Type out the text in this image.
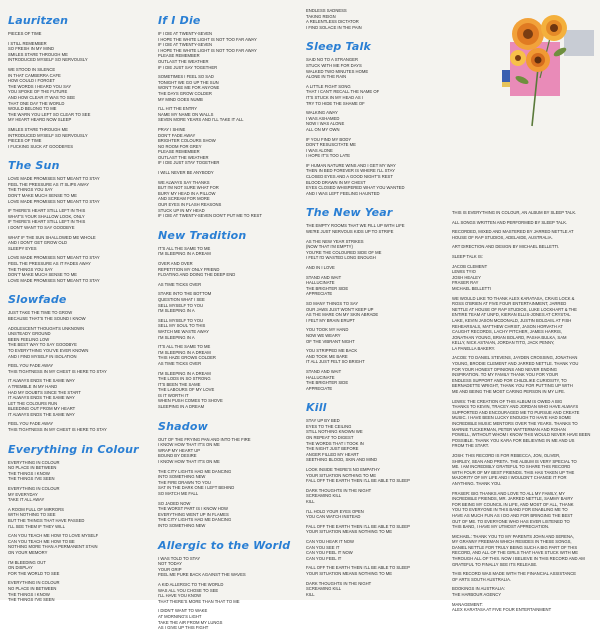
Lauritzen
PIECES OF TIME
I STILL REMEMBER
SO FRESH IN MY MIND
SMILES STARE THROUGH ME
INTRODUCED MYSELF SO NERVOUSLY
WE STOOD IN SILENCE
IN THAT CAMBERRA CAFE
HOW COULD I FORGET
THE WORDS I HEARD YOU SAY
YOU SPOKE OF THE FUTURE
AND HOW CLEAR IT WAS TO SEE
THAT ONE DAY THE WORLD
WOULD BELONG TO ME
THE WARN YOU LEFT SO CLEAR TO SEE
MY HEART HEARD NOW SLEEP
SMILES STARE THROUGH ME
INTRODUCED MYSELF SO NERVOUSLY
PIECES OF TIME
I FUCKING SUCK AT GOODBYES
The Sun
LOVE MADE PROMISES NOT MEANT TO STAY
FEEL THE PRESSURE AS IT SLIPS AWAY
THE THINGS YOU SAY
DON'T MAKE MUCH SENSE TO ME
LOVE MADE PROMISES NOT MEANT TO STAY
IF THERE'S HEART STILL LEFT IN THIS
WHAT'S YOUR SHALLOW LOOK, ONLY
IF THERE'S HEART STILL LEFT IN THIS
I DON'T WANT TO SAY GOODBYE
WHAT IF THE SUN SHALLOWED ME WHOLE
AND I DON'T GET GROW OLD
SLEEPY EYES
LOVE MADE PROMISES NOT MEANT TO STAY
FEEL THE PRESSURE AS IT FADES AWAY
THE THINGS YOU SAY
DON'T MAKE MUCH SENSE TO ME
LOVE MADE PROMISES NOT MEANT TO STAY
Slowfade
JUST TAKE THE TIME TO GROW
BECAUSE THAT'S THE SOUND I KNOW
ADOLESCENT THOUGHTS UNKNOWN
UNSTEADY GROUND
BEEN FEELING LOW
THE BEST WAY TO SAY GOODBYE
TO EVERYTHING YOU'VE EVER KNOWN
AND I FIND MYSELF IN ISOLATION
FEEL YOU FADE AWAY
THIS TIGHTNESS IN MY CHEST IS HERE TO STAY
IT ALWAYS ENDS THE SAME WAY
A TREMBLE IN MY HAND
HAD MY DOUBTS SINCE THE START
IT ALWAYS ENDS THE SAME WAY
LET THE COLOURS RUN
BLEEDING OUT FROM MY HEART
IT ALWAYS ENDS THE SAME WAY
FEEL YOU FADE AWAY
THIS TIGHTNESS IN MY CHEST IS HERE TO STAY
Everything in Colour
EVERYTHING IN COLOUR
NO PLACE IN BETWEEN
THE THINGS I KNOW
THE THINGS I'VE SEEN
EVERYTHING IN COLOUR
MY EVERYDAY
TAKE IT ALL AWAY
A ROOM FULL OF MIRRORS
WITH NOTHING TO SEE
BUT THE THINGS THAT HAVE PASSED
I'LL SEE THEM IF THEY WILL
CAN YOU TEACH ME HOW TO LOVE MYSELF
CAN YOU TEACH ME HOW TO BE
NOTHING MORE THAN A PERMANENT STAIN
ON YOUR MEMORY
I'M BLEEDING OUT
ON DISPLAY
FOR THE WORLD TO SEE
EVERYTHING IN COLOUR
NO PLACE IN BETWEEN
THE THINGS I KNOW
THE THINGS I'VE SEEN
If I Die
IF I DIE AT TWENTY-SEVEN
I HOPE THE WHITE LIGHT IS NOT TOO FAR AWAY
IF I DIE AT TWENTY-SEVEN
I HOPE THE WHITE LIGHT IS NOT TOO FAR AWAY
PLEASE REMEMBER
OUTLAST THE WEATHER
IF I DIE JUST SAY TOGETHER
SOMETIMES I FEEL SO SAD
TONIGHT WE GO UP THE SUN
WON'T TAKE ME FOR ANYONE
THE DAYS GROW COLDER
MY MIND GOES NUMB
I'LL HIT THE ENTRY
NAME MY NAME ON WALLS
SEVEN MORE YEARS AND I'LL TAKE IT ALL
PRAY I SHINE
DON'T FADE AWAY
BRIGHTER COLOURS SHOW
NO ROOM FOR GREY
PLEASE REMEMBER
OUTLAST THE WEATHER
IF I DIE JUST STAY TOGETHER
I WILL NEVER BE ANYBODY
WE ALWAYS SAY THANKS
BUT I'M NOT SURE WHAT FOR
BURY MY HEAD IN A PILLOW
AND SCREAM FOR MORE
OUR EYES IN FLASH REASONS
STUCK UP IN MY HEAD
IF I DIE AT TWENTY-SEVEN DON'T PUT ME TO REST
New Tradition
IT'S ALL THE SAME TO ME
I'M SLEEPING IN A DREAM
OVER AND OVER
REPETITION MY ONLY FRIEND
FLOATING AND DOING THE DEEP END
AS TIME TICKS OVER
STARE INTO THE BOTTOM
QUESTION WHAT I SEE
SELL MYSELF TO YOU
I'M SLEEPING IN A
SELL MYSELF TO YOU
SELL MY SOUL TO THIS
WATCH ME WASTE AWAY
I'M SLEEPING IN A
IT'S ALL THE SAME TO ME
I'M SLEEPING IN A DREAM
THIS HAZE GROWS COLDER
AS TIME TICKS OVER
I'M SLEEPING IN A DREAM
THE LODS IN SO STRONG
IT'S BEEN THE SAME
THE LABOURS OF MY LOVE
IS IT WORTH IT
WHEN PUSH COMES TO SHOVE
SLEEPING IN A DREAM
Shadow
OUT OF THE FRYING PAN AND INTO THE FIRE
I KNOW HOW THAT IT'S ON ME
WRAP MY HEART UP
BOUND BY DESIRE
I KNOW HOW THAT IT'S ON ME
THE CITY LIGHTS HAD ME DANCING
INTO SOMETHING NEW
THE FIRE DRAWN TO YOU
SAT IN THE DARK ONE I LEFT BEHIND
SO MATCH ME FALL
SO JADED NOW
THE WORST PART IS I KNOW HOW
EVERYTHING WENT UP IN FLAMES
THE CITY LIGHTS HAD ME DANCING
INTO SOMETHING NEW
Allergic to the World
I WAS TOLD TO STAY
NOT TODAY
YOUR GRIP
FEEL ME PURE BACK AGAINST THE WAVES
A KID ALLERGIC TO THE WORLD
WAS ALL YOU CHOSE TO SEE
I'LL HAVE YOU KNOW
THAT THERE'S MORE THAN THAT TO ME
I DIDN'T WANT TO WAKE
AT MORNING'S LIGHT
TAKE THE AIR FROM MY LUNGS
AS I GIVE UP THIS FIGHT
ENDLESS SADNESS
TAKING REIGN
A RELENTLESS DICTATOR
I FIND SOLACE IN THE PAIN
Sleep Talk
SAID NO TO A STRANGER
STUCK WITH ME FOR DAYS
WALKED TWO MINUTES HOME
ALONE IN THE RAIN
A LITTLE FIGHT SONG
THAT I CAN'T RECALL THE NAME OF
IT'S STUCK IN MY HEAD AS I
TRY TO HIDE THE SHAME OF
WALKING AWAY
I WAS ASHAMED
NOW I WAS ALONE
ALL ON MY OWN
IF YOU FIND MY BODY
DON'T RESUSCITATE ME
I WAS ALONE
I HOPE IT'S TOO LATE
IF HUMAN NATURE WINS AND I GET MY WAY
THEN IN BED FOREVER IS WHERE I'LL STAY
CLOSED EYES AND A GOOD NIGHT'S REST
BLOOD DRAWN IN MY CHEST
EYES CLOSED WHISPERED WHAT YOU WANTED
AND I WAS LEFT FEELING HAUNTED
The New Year
THE EMPTY ROOMS THAT WE FILL UP WITH LIFE
WE'RE JUST NERVOUS KIDS UP TO STRIFE
AS THE NEW YEAR STRIKES
(NOW THAT I'M EMPTY)
YOU'RE THE COLOURED SIDE OF ME
I FELT I'D WASTED LONG ENOUGH
AND IN I LOVE
STAND AND WAIT
HALLUCINATE
THE BRIGHTER SIDE
APPRECIATE
SO MANY THINGS TO SAY
OUR JAWS JUST WON'T KEEP UP
AS THE MARE ON MY SKIN ABRADE
I FELT MY BRAIN ERUPT
YOU TOOK MY HAND
NOW WE WEARY
OF THE VIBRANT NIGHT
YOU STRIPPED ME BACK
AND TOOK ME BARE
IT ALL JUST FELT SO BRIGHT
STAND AND WAIT
HALLUCINATE
THE BRIGHTER SIDE
APPRECIATE
Kill
STAY UP BY BED
EYES TO THE CEILING
STILL NOTHING KNOWN WE
ON REPEAT TO DIGEST
THE WORDS THAT I TOOK IN
THE NIGHT JUST BEFORE
ANGER FILLED MY HEART
SEETHING BLOOD, SKIN AND MIND
LOOK INSIDE THERE'S NO EMPATHY
YOUR SITUATION NOTHING TO ME
FALL OFF THE EARTH THEN I'LL BE ABLE TO SLEEP
DARK THOUGHTS IN THE NIGHT
SCREAMING KILL
KILL
I'LL HOLD YOUR EYES OPEN
YOU CAN WATCH INSTEAD
FALL OFF THE EARTH THEN I'LL BE ABLE TO SLEEP
YOUR SITUATION MEANS NOTHING TO ME
CAN YOU HEAR IT NOW
CAN YOU SEE IT
CAN YOU FEEL IT NOW
CAN YOU FEEL IT
FALL OFF THE EARTH THEN I'LL BE ABLE TO SLEEP
YOUR SITUATION MEANS NOTHING TO ME
DARK THOUGHTS IN THE NIGHT
SCREAMING KILL
KILL
THIS IS EVERYTHING IN COLOUR, AN ALBUM BY SLEEP TALK.
ALL SONGS WRITTEN AND PERFORMED BY SLEEP TALK.
RECORDED, MIXED AND MASTERED BY JARRED NETTLE AT
HOUSE OF RAP STUDIOS, ADELAIDE, AUSTRALIA.
ART DIRECTION AND DESIGN BY MICHAEL BELLETTI.
SLEEP TALK IS:
JACOB CLEMENT
LEWIS TYIO
JOSH HEALEY
FRASER RAY
MICHAEL BELLETTI
WE WOULD LIKE TO THANK ALEX KARATASA, CRAIG LOCK &
ROSS O'BRIEN AT FIVE FOUR ENTERTAINMENT, JARRED
NETTLE AT HOUSE OF RAP STUDIOS, LUKE LOCKHART & THE
ENTIRE TEAM AT UNFD, KIERAN ELLIS-JONES AT CRYSTAL
LAKE, KEVIN JASON MCDONALD, JUSTIN BOLDAIIL AT FISH
REHEARSALS, MATTHEW CHRIST, JASON HORVATH AT
CAUGHT RECORDS, LACHY PITCHER, JAMES HARRIS,
JONATHAN YOUNG, BRIAN BOLARD, PASHA BULKA, SAM
KELLY, NICK ASTAIAN, JORDAN TITO, JACK PENNY,
LA PANELLA BAKERY.
JACOB: TO DANIEL STEVENS, JAYDEN CROSSING, JONATHAN
YOUNG, BRODIE CLEMENT AND JARRED NETTLE. THANK YOU
FOR YOUR HONEST OPINIONS AND NEVER ENDING
INSPIRATION. TO MY FAMILY THANK YOU FOR YOUR
ENDLESS SUPPORT AND FOR CHILDLIKE CURIOSITY, TO
BERNADETTE WRIGHT, THANK YOU FOR PUTTING UP WITH
ME AND BEING THE MOST CARING PERSON IN MY LIFE.
LEWIS: THE CREATION OF THIS ALBUM IS OWED A BIG
THANKS TO KEVIN, TRACEY AND JORDAN WHO HAVE ALWAYS
SUPPORTED AND ENCOURAGED ME TO PURSUE AND CREATE
MUSIC. I HAVE BEEN LUCKY ENOUGH TO HAVE HAD SOME
INCREDIBLE MUSIC MENTORS OVER THE YEARS. THANKS TO
MARNIE TUCKERMAN, PETER WATTERMAN AND ROHAN
POWELL, WITHOUT WHOM I KNOW THIS WOULD NEVER HAVE BEEN
POSSIBLE. THANK YOU KARA FOR BELIEVING IN ME AND US
FROM THE START.
JOSH: THIS RECORD IS FOR REBECCA, JON, OLIVER,
SHIRLEY, SEAN AND PRETA. THE ALBUM IS VERY SPECIAL TO
ME. I AM INCREDIBLY GRATEFUL TO SHARE THIS RECORD
WITH FOUR OF MY BEST FRIENDS. THIS HAS TAKEN UP THE
MAJORITY OF MY LIFE AND I WOULDN'T CHANGE IT FOR
ANYTHING. THANK YOU.
FRASER: BIG THANKS AND LOVE TO ALL MY FAMILY, MY
INCREDIBLE FRIENDS, MR. JARRED NETTLE, SAMMY BAIRY
FOR BEING MY COUNCIL IN LIFE, AND MOST OF ALL, THANK
YOU TO EVERYONE IN THIS BAND FOR ENABLING ME TO
HAVE AS MUCH FUN AS I DO AND FOR BRINGING THE BEST
OUT OF ME. TO EVERYONE WHO HAS EVER LISTENED TO
THIS BAND, I HAVE MY UTMOST APPRECIATION.
MICHAEL: THANK YOU TO MY PARENTS JOHN AND SERENA,
MY GRANNY FREEMAN WHICH RESIDES IN THESE SONGS,
DANIEL NETTLE FOR TRULY BEING SUCH A BIG PART OF THIS
RECORD, AND ALL OF THE GIRLS THAT HAVE STUCK WITH ME
THROUGH ALL OF THIS. NOW I BELIEVE IN THIS RECORD AND AM
GRATEFUL TO FINALLY SEE ITS RELEASE.
THIS RECORD WAS MADE WITH THE FINANCIAL ASSISTANCE
OF ARTS SOUTH AUSTRALIA.
BOOKINGS IN AUSTRALIA:
THE HARBOUR AGENCY
MANAGEMENT:
ALEX KARATASA AT FIVE FOUR ENTERTAINMENT
